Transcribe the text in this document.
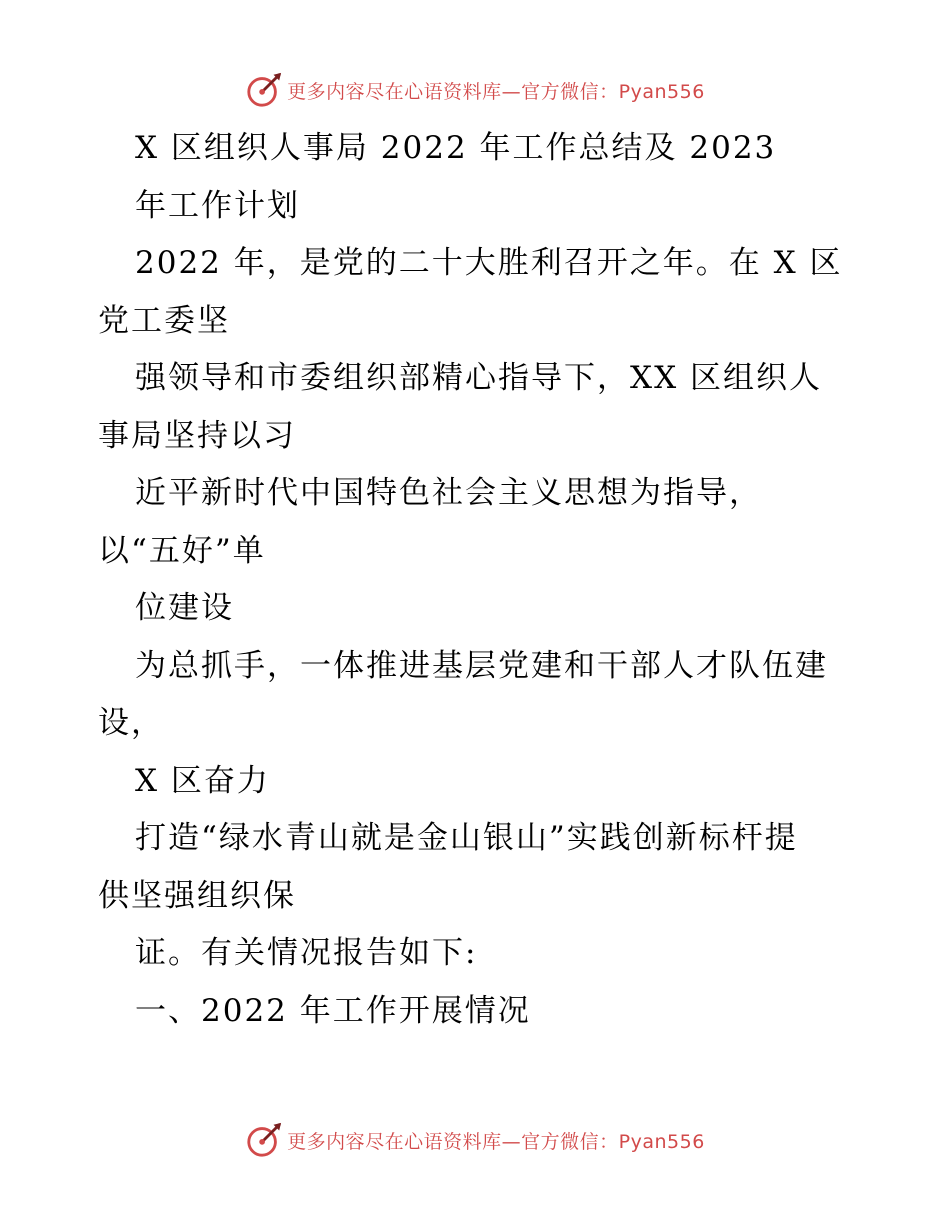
更多内容尽在心语资料库—官方微信：Pyan556
X 区组织人事局 2022 年工作总结及 2023
年工作计划
2022 年，是党的二十大胜利召开之年。在 X 区
党工委坚
强领导和市委组织部精心指导下，XX 区组织人
事局坚持以习
近平新时代中国特色社会主义思想为指导，
以“五好”单
位建设
为总抓手，一体推进基层党建和干部人才队伍建
设，
X 区奋力
打造“绿水青山就是金山银山”实践创新标杆提
供坚强组织保
证。有关情况报告如下:
一、2022 年工作开展情况
更多内容尽在心语资料库—官方微信：Pyan556
